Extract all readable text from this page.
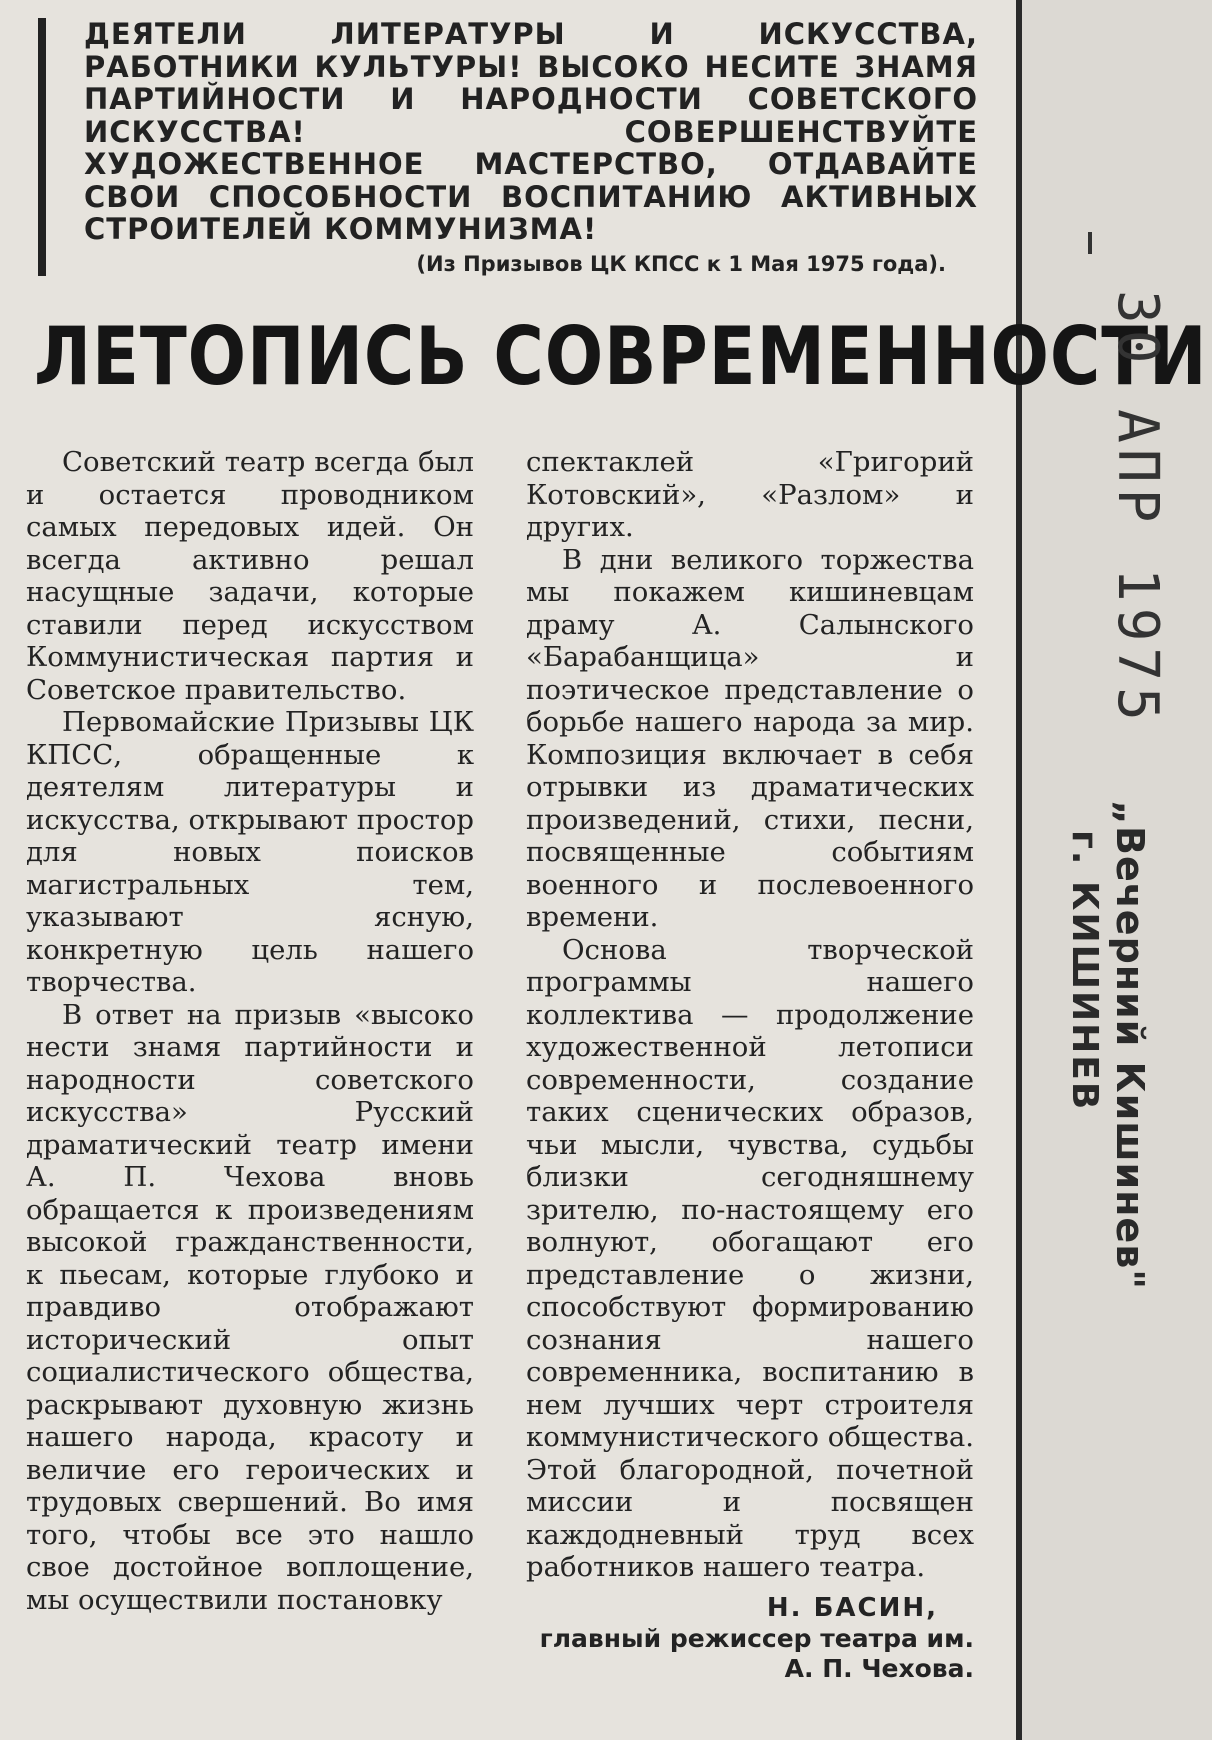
ДЕЯТЕЛИ ЛИТЕРАТУРЫ И ИСКУССТВА, РАБОТНИКИ КУЛЬТУРЫ! ВЫСОКО НЕСИТЕ ЗНАМЯ ПАРТИЙНОСТИ И НАРОДНОСТИ СОВЕТСКОГО ИСКУССТВА! СОВЕРШЕНСТВУЙТЕ ХУДОЖЕСТВЕННОЕ МАСТЕРСТВО, ОТДАВАЙТЕ СВОИ СПОСОБНОСТИ ВОСПИТАНИЮ АКТИВНЫХ СТРОИТЕЛЕЙ КОММУНИЗМА!

(Из Призывов ЦК КПСС к 1 Мая 1975 года).

ЛЕТОПИСЬ СОВРЕМЕННОСТИ

Советский театр всегда был и остается проводником самых передовых идей. Он всегда активно решал насущные задачи, которые ставили перед искусством Коммунистическая партия и Советское правительство.

Первомайские Призывы ЦК КПСС, обращенные к деятелям литературы и искусства, открывают простор для новых поисков магистральных тем, указывают ясную, конкретную цель нашего творчества.

В ответ на призыв «высоко нести знамя партийности и народности советского искусства» Русский драматический театр имени А. П. Чехова вновь обращается к произведениям высокой гражданственности, к пьесам, которые глубоко и правдиво отображают исторический опыт социалистического общества, раскрывают духовную жизнь нашего народа, красоту и величие его героических и трудовых свершений. Во имя того, чтобы все это нашло свое достойное воплощение, мы осуществили постановку

спектаклей «Григорий Котовский», «Разлом» и других.

В дни великого торжества мы покажем кишиневцам драму А. Салынского «Барабанщица» и поэтическое представление о борьбе нашего народа за мир. Композиция включает в себя отрывки из драматических произведений, стихи, песни, посвященные событиям военного и послевоенного времени.

Основа творческой программы нашего коллектива — продолжение художественной летописи современности, создание таких сценических образов, чьи мысли, чувства, судьбы близки сегодняшнему зрителю, по-настоящему его волнуют, обогащают его представление о жизни, способствуют формированию сознания нашего современника, воспитанию в нем лучших черт строителя коммунистического общества. Этой благородной, почетной миссии и посвящен каждодневный труд всех работников нашего театра.

Н. БАСИН,
главный режиссер театра им. А. П. Чехова.
30 АПР 1975
„Вечерний Кишинев"
г. КИШИНЕВ
